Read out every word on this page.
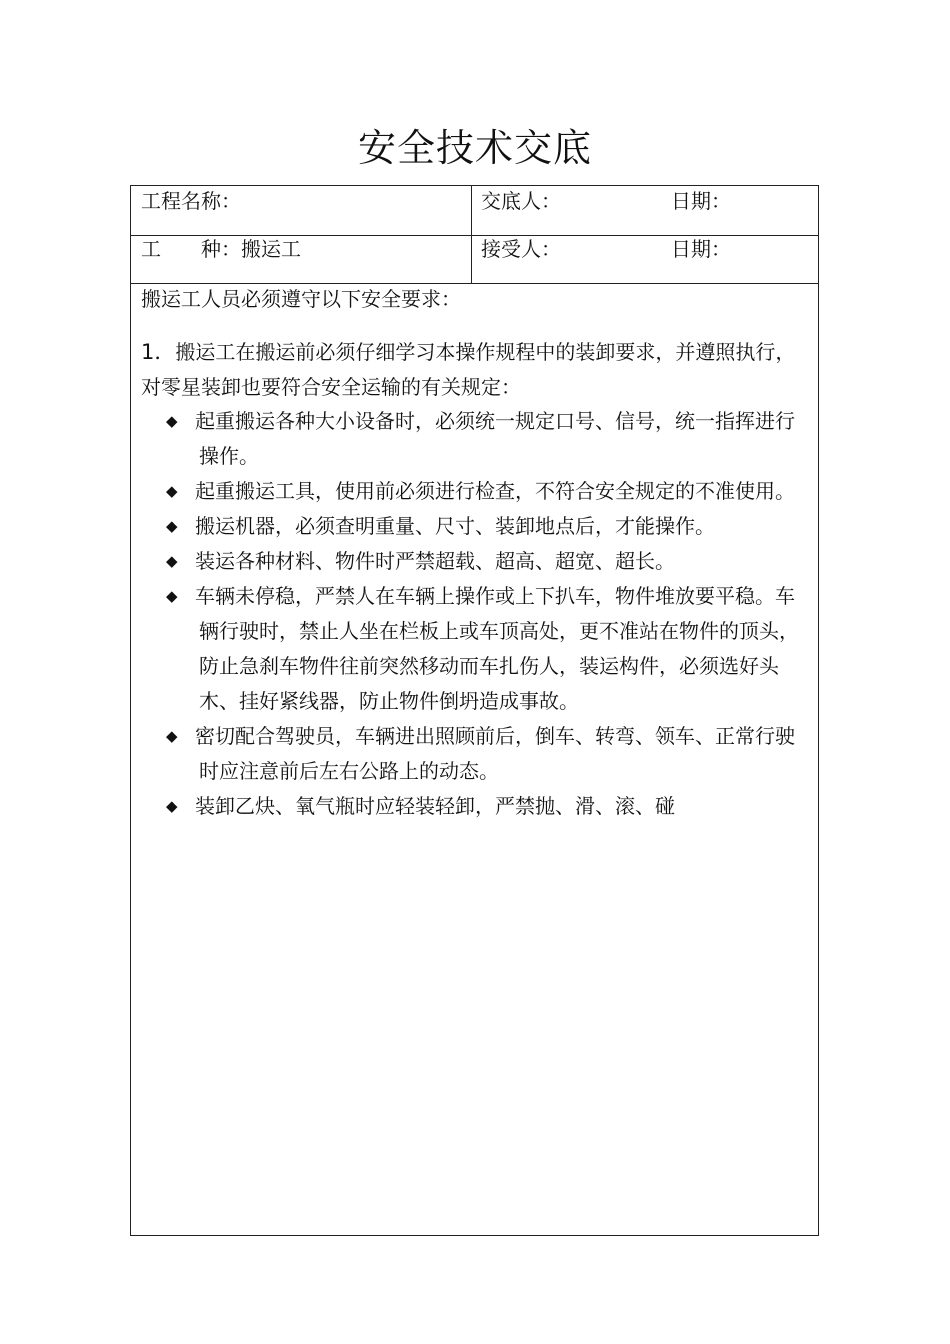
安全技术交底
工程名称：	交底人：	日期：
工　　种：搬运工	接受人：	日期：
搬运工人员必须遵守以下安全要求：
1．搬运工在搬运前必须仔细学习本操作规程中的装卸要求，并遵照执行，对零星装卸也要符合安全运输的有关规定：
◆ 起重搬运各种大小设备时，必须统一规定口号、信号，统一指挥进行操作。
◆ 起重搬运工具，使用前必须进行检查，不符合安全规定的不准使用。
◆ 搬运机器，必须查明重量、尺寸、装卸地点后，才能操作。
◆ 装运各种材料、物件时严禁超载、超高、超宽、超长。
◆ 车辆未停稳，严禁人在车辆上操作或上下扒车，物件堆放要平稳。车辆行驶时，禁止人坐在栏板上或车顶高处，更不准站在物件的顶头，防止急刹车物件往前突然移动而车扎伤人，装运构件，必须选好头木、挂好紧线器，防止物件倒坍造成事故。
◆ 密切配合驾驶员，车辆进出照顾前后，倒车、转弯、领车、正常行驶时应注意前后左右公路上的动态。
◆ 装卸乙炔、氧气瓶时应轻装轻卸，严禁抛、滑、滚、碰
